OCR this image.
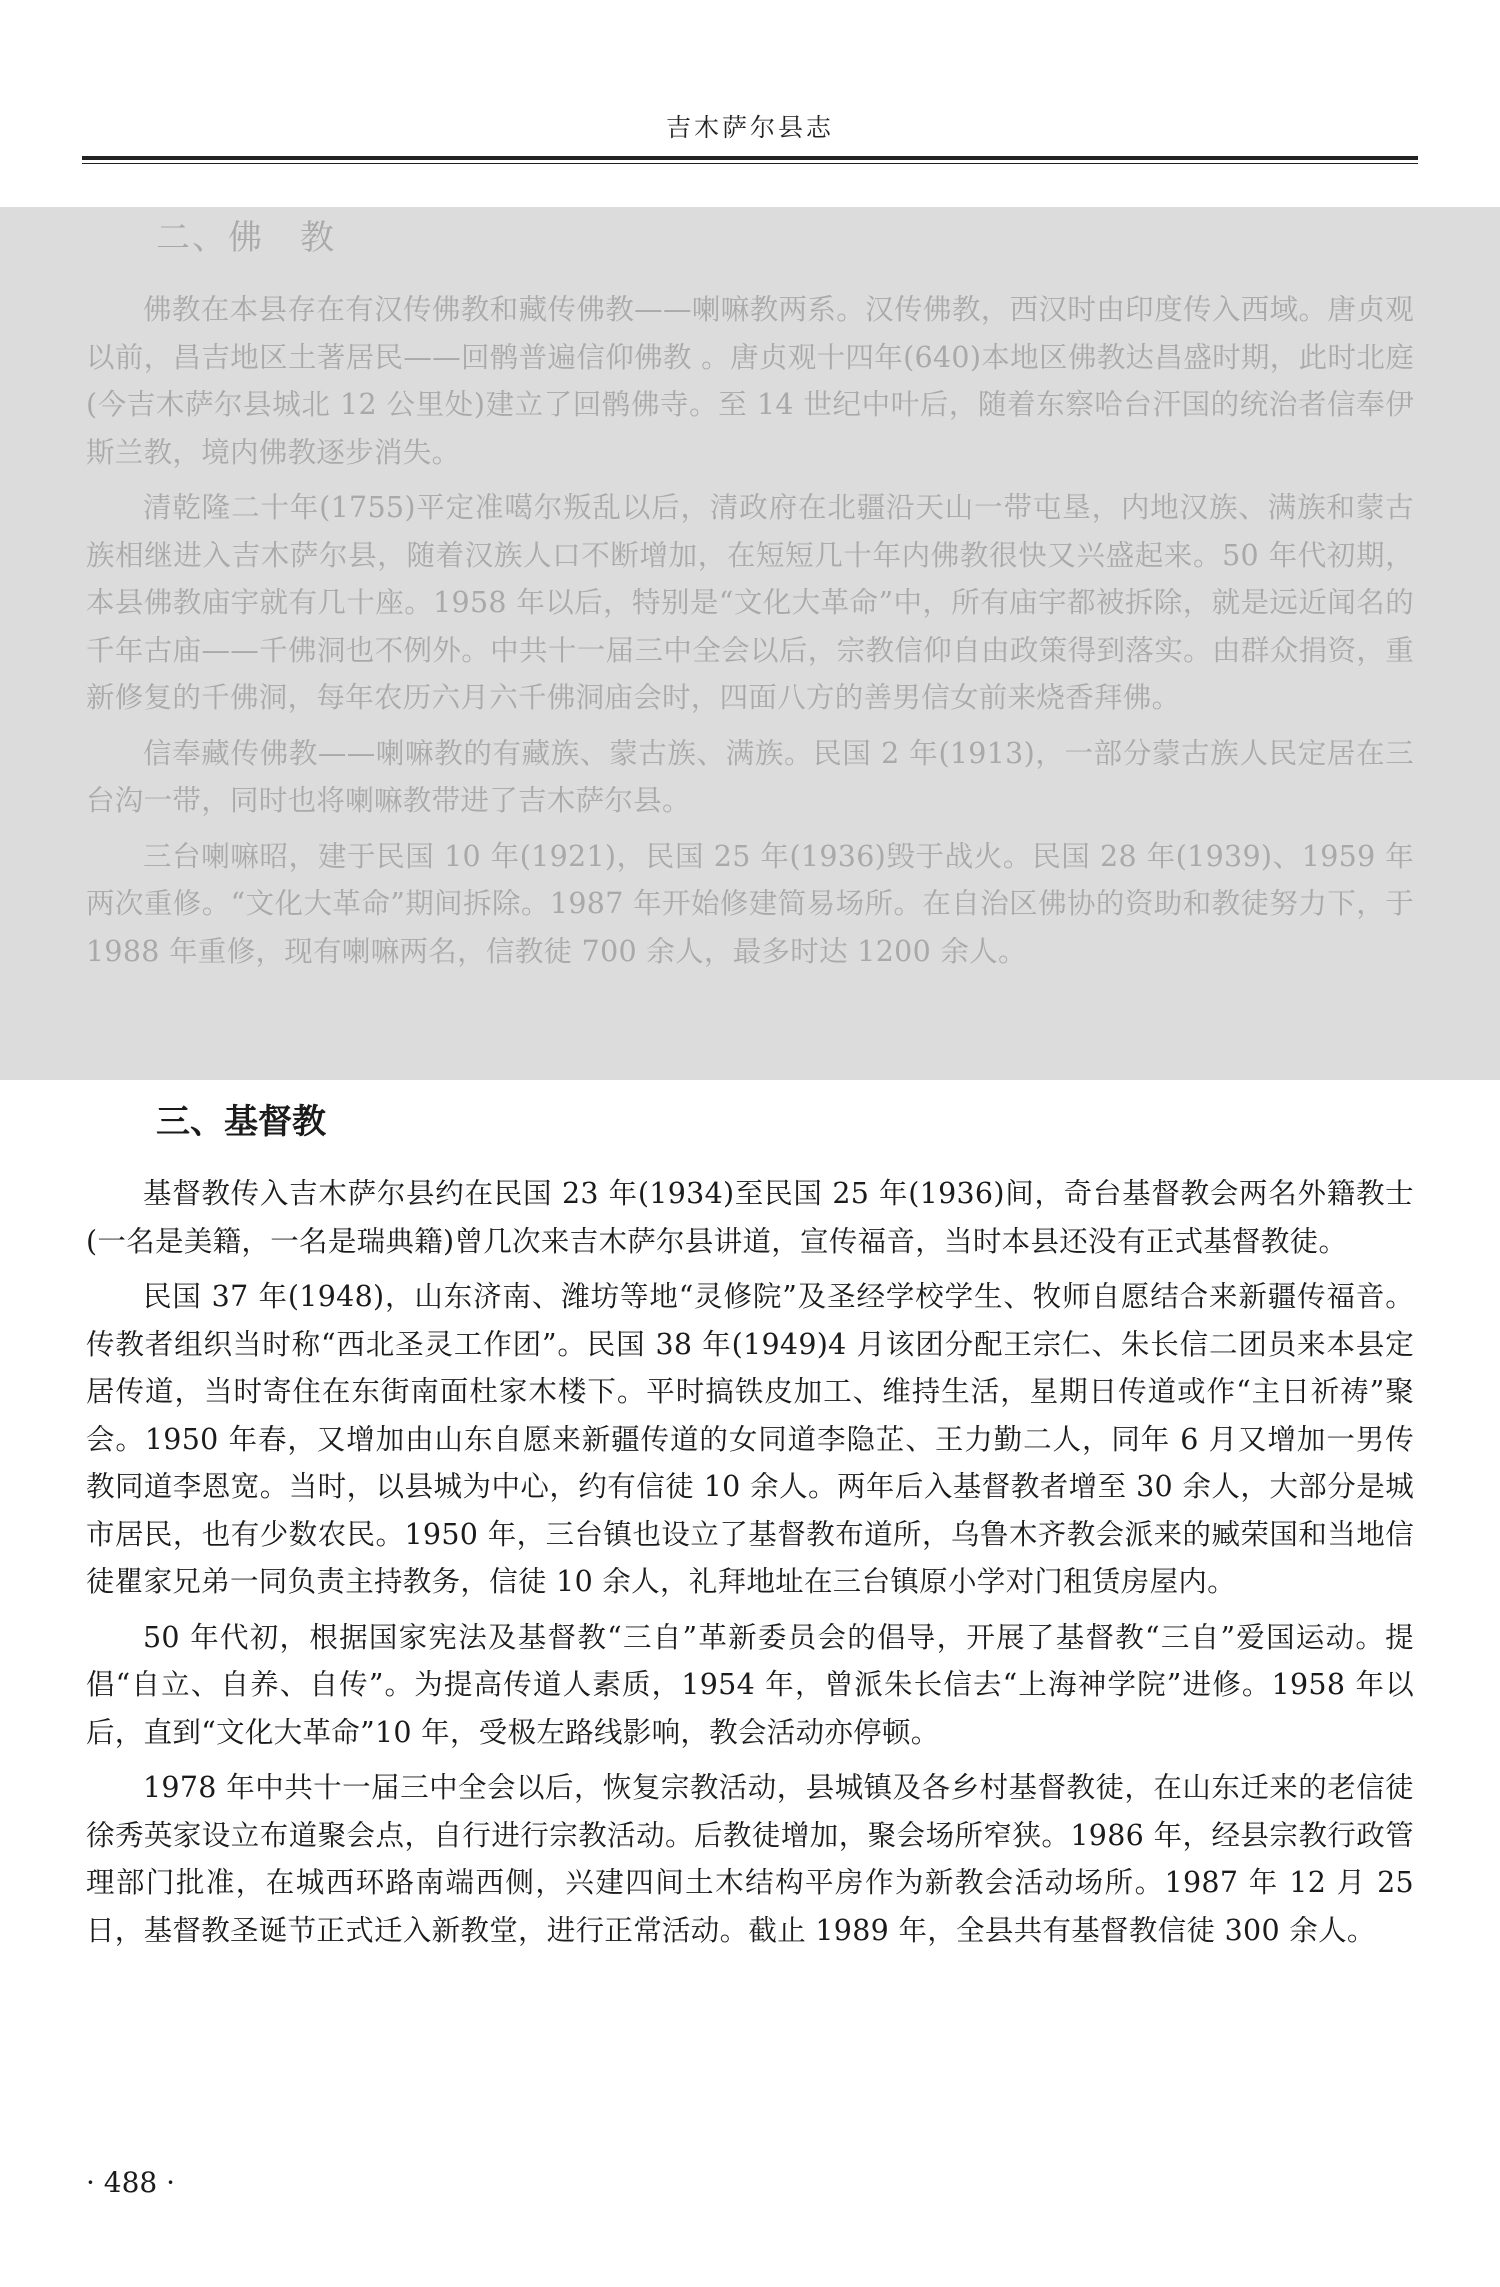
吉木萨尔县志
二、佛　教

佛教在本县存在有汉传佛教和藏传佛教——喇嘛教两系。汉传佛教，西汉时由印度传入西域。唐贞观以前，昌吉地区土著居民——回鹘普遍信仰佛教 。唐贞观十四年(640)本地区佛教达昌盛时期，此时北庭(今吉木萨尔县城北 12 公里处)建立了回鹘佛寺。至 14 世纪中叶后，随着东察哈台汗国的统治者信奉伊斯兰教，境内佛教逐步消失。

清乾隆二十年(1755)平定准噶尔叛乱以后，清政府在北疆沿天山一带屯垦，内地汉族、满族和蒙古族相继进入吉木萨尔县，随着汉族人口不断增加，在短短几十年内佛教很快又兴盛起来。50 年代初期，本县佛教庙宇就有几十座。1958 年以后，特别是“文化大革命”中，所有庙宇都被拆除，就是远近闻名的千年古庙——千佛洞也不例外。中共十一届三中全会以后，宗教信仰自由政策得到落实。由群众捐资，重新修复的千佛洞，每年农历六月六千佛洞庙会时，四面八方的善男信女前来烧香拜佛。

信奉藏传佛教——喇嘛教的有藏族、蒙古族、满族。民国 2 年(1913)，一部分蒙古族人民定居在三台沟一带，同时也将喇嘛教带进了吉木萨尔县。

三台喇嘛昭，建于民国 10 年(1921)，民国 25 年(1936)毁于战火。民国 28 年(1939)、1959 年两次重修。“文化大革命”期间拆除。1987 年开始修建简易场所。在自治区佛协的资助和教徒努力下，于 1988 年重修，现有喇嘛两名，信教徒 700 余人，最多时达 1200 余人。

三、基督教

基督教传入吉木萨尔县约在民国 23 年(1934)至民国 25 年(1936)间，奇台基督教会两名外籍教士(一名是美籍，一名是瑞典籍)曾几次来吉木萨尔县讲道，宣传福音，当时本县还没有正式基督教徒。

民国 37 年(1948)，山东济南、潍坊等地“灵修院”及圣经学校学生、牧师自愿结合来新疆传福音。传教者组织当时称“西北圣灵工作团”。民国 38 年(1949)4 月该团分配王宗仁、朱长信二团员来本县定居传道，当时寄住在东街南面杜家木楼下。平时搞铁皮加工、维持生活，星期日传道或作“主日祈祷”聚会。1950 年春，又增加由山东自愿来新疆传道的女同道李隐芷、王力勤二人，同年 6 月又增加一男传教同道李恩宽。当时，以县城为中心，约有信徒 10 余人。两年后入基督教者增至 30 余人，大部分是城市居民，也有少数农民。1950 年，三台镇也设立了基督教布道所，乌鲁木齐教会派来的臧荣国和当地信徒瞿家兄弟一同负责主持教务，信徒 10 余人，礼拜地址在三台镇原小学对门租赁房屋内。

50 年代初，根据国家宪法及基督教“三自”革新委员会的倡导，开展了基督教“三自”爱国运动。提倡“自立、自养、自传”。为提高传道人素质，1954 年，曾派朱长信去“上海神学院”进修。1958 年以后，直到“文化大革命”10 年，受极左路线影响，教会活动亦停顿。

1978 年中共十一届三中全会以后，恢复宗教活动，县城镇及各乡村基督教徒，在山东迁来的老信徒徐秀英家设立布道聚会点，自行进行宗教活动。后教徒增加，聚会场所窄狭。1986 年，经县宗教行政管理部门批准，在城西环路南端西侧，兴建四间土木结构平房作为新教会活动场所。1987 年 12 月 25 日，基督教圣诞节正式迁入新教堂，进行正常活动。截止 1989 年，全县共有基督教信徒 300 余人。

· 488 ·
